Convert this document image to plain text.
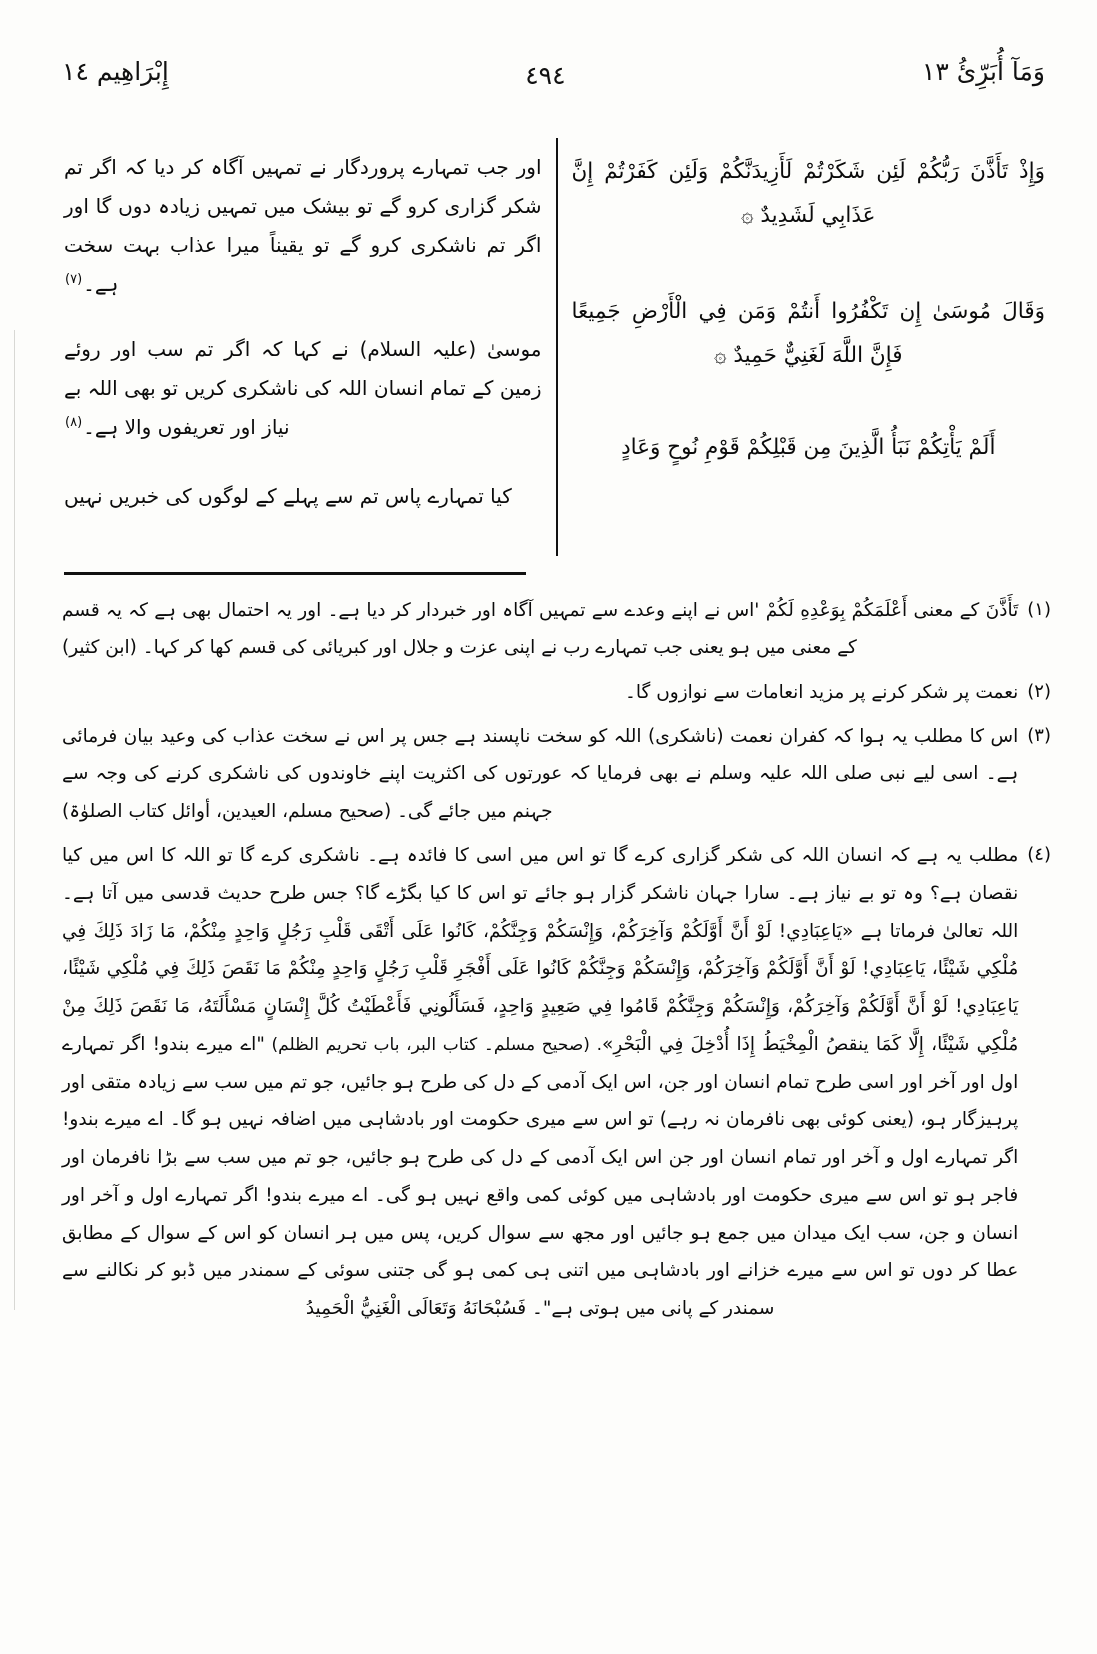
وَمَآ أُبَرِّئُ ١٣
٤٩٤
إِبْرَاهِيم ١٤

وَإِذْ تَأَذَّنَ رَبُّكُمْ لَئِن شَكَرْتُمْ لَأَزِيدَنَّكُمْ وَلَئِن كَفَرْتُمْ إِنَّ عَذَابِي لَشَدِيدٌ ۞

وَقَالَ مُوسَىٰ إِن تَكْفُرُوا أَنتُمْ وَمَن فِي الْأَرْضِ جَمِيعًا فَإِنَّ اللَّهَ لَغَنِيٌّ حَمِيدٌ ۞

أَلَمْ يَأْتِكُمْ نَبَأُ الَّذِينَ مِن قَبْلِكُمْ قَوْمِ نُوحٍ وَعَادٍ

اور جب تمہارے پروردگار نے تمہیں آگاہ کر دیا کہ اگر تم شکر گزاری کرو گے تو بیشک میں تمہیں زیادہ دوں گا اور اگر تم ناشکری کرو گے تو یقیناً میرا عذاب بہت سخت ہے۔$^{(٧)}$

موسیٰ (علیہ السلام) نے کہا کہ اگر تم سب اور روئے زمین کے تمام انسان اللہ کی ناشکری کریں تو بھی اللہ بے نیاز اور تعریفوں والا ہے۔$^{(٨)}$

کیا تمہارے پاس تم سے پہلے کے لوگوں کی خبریں نہیں

(١)
تَأَذَّنَ کے معنی أَعْلَمَكُمْ بِوَعْدِهِ لَكُمْ 'اس نے اپنے وعدے سے تمہیں آگاہ اور خبردار کر دیا ہے۔ اور یہ احتمال بھی ہے کہ یہ قسم کے معنی میں ہو یعنی جب تمہارے رب نے اپنی عزت و جلال اور کبریائی کی قسم کھا کر کہا۔ (ابن کثیر)
(٢)
نعمت پر شکر کرنے پر مزید انعامات سے نوازوں گا۔
(٣)
اس کا مطلب یہ ہوا کہ کفران نعمت (ناشکری) اللہ کو سخت ناپسند ہے جس پر اس نے سخت عذاب کی وعید بیان فرمائی ہے۔ اسی لیے نبی صلی اللہ علیہ وسلم نے بھی فرمایا کہ عورتوں کی اکثریت اپنے خاوندوں کی ناشکری کرنے کی وجہ سے جہنم میں جائے گی۔ (صحیح مسلم، العیدین، أوائل کتاب الصلوٰۃ)
(٤)
مطلب یہ ہے کہ انسان اللہ کی شکر گزاری کرے گا تو اس میں اسی کا فائدہ ہے۔ ناشکری کرے گا تو اللہ کا اس میں کیا نقصان ہے؟ وہ تو بے نیاز ہے۔ سارا جہان ناشکر گزار ہو جائے تو اس کا کیا بگڑے گا؟ جس طرح حدیث قدسی میں آتا ہے۔ اللہ تعالیٰ فرماتا ہے «يَاعِبَادِي! لَوْ أَنَّ أَوَّلَكُمْ وَآخِرَكُمْ، وَإِنْسَكُمْ وَجِنَّكُمْ، كَانُوا عَلَى أَتْقَى قَلْبِ رَجُلٍ وَاحِدٍ مِنْكُمْ، مَا زَادَ ذَلِكَ فِي مُلْكِي شَيْئًا، يَاعِبَادِي! لَوْ أَنَّ أَوَّلَكُمْ وَآخِرَكُمْ، وَإِنْسَكُمْ وَجِنَّكُمْ كَانُوا عَلَى أَفْجَرِ قَلْبِ رَجُلٍ وَاحِدٍ مِنْكُمْ مَا نَقَصَ ذَلِكَ فِي مُلْكِي شَيْئًا، يَاعِبَادِي! لَوْ أَنَّ أَوَّلَكُمْ وَآخِرَكُمْ، وَإِنْسَكُمْ وَجِنَّكُمْ قَامُوا فِي صَعِيدٍ وَاحِدٍ، فَسَأَلُونِي فَأَعْطَيْتُ كُلَّ إِنْسَانٍ مَسْأَلَتَهُ، مَا نَقَصَ ذَلِكَ مِنْ مُلْكِي شَيْئًا، إِلَّا كَمَا ينقصُ الْمِخْيَطُ إِذَا أُدْخِلَ فِي الْبَحْرِ». (صحیح مسلم۔ کتاب البر، باب تحریم الظلم) "اے میرے بندو! اگر تمہارے اول اور آخر اور اسی طرح تمام انسان اور جن، اس ایک آدمی کے دل کی طرح ہو جائیں، جو تم میں سب سے زیادہ متقی اور پرہیزگار ہو، (یعنی کوئی بھی نافرمان نہ رہے) تو اس سے میری حکومت اور بادشاہی میں اضافہ نہیں ہو گا۔ اے میرے بندو! اگر تمہارے اول و آخر اور تمام انسان اور جن اس ایک آدمی کے دل کی طرح ہو جائیں، جو تم میں سب سے بڑا نافرمان اور فاجر ہو تو اس سے میری حکومت اور بادشاہی میں کوئی کمی واقع نہیں ہو گی۔ اے میرے بندو! اگر تمہارے اول و آخر اور انسان و جن، سب ایک میدان میں جمع ہو جائیں اور مجھ سے سوال کریں، پس میں ہر انسان کو اس کے سوال کے مطابق عطا کر دوں تو اس سے میرے خزانے اور بادشاہی میں اتنی ہی کمی ہو گی جتنی سوئی کے سمندر میں ڈبو کر نکالنے سے سمندر کے پانی میں ہوتی ہے"۔ فَسُبْحَانَهُ وَتَعَالَى الْغَنِيُّ الْحَمِيدُ
